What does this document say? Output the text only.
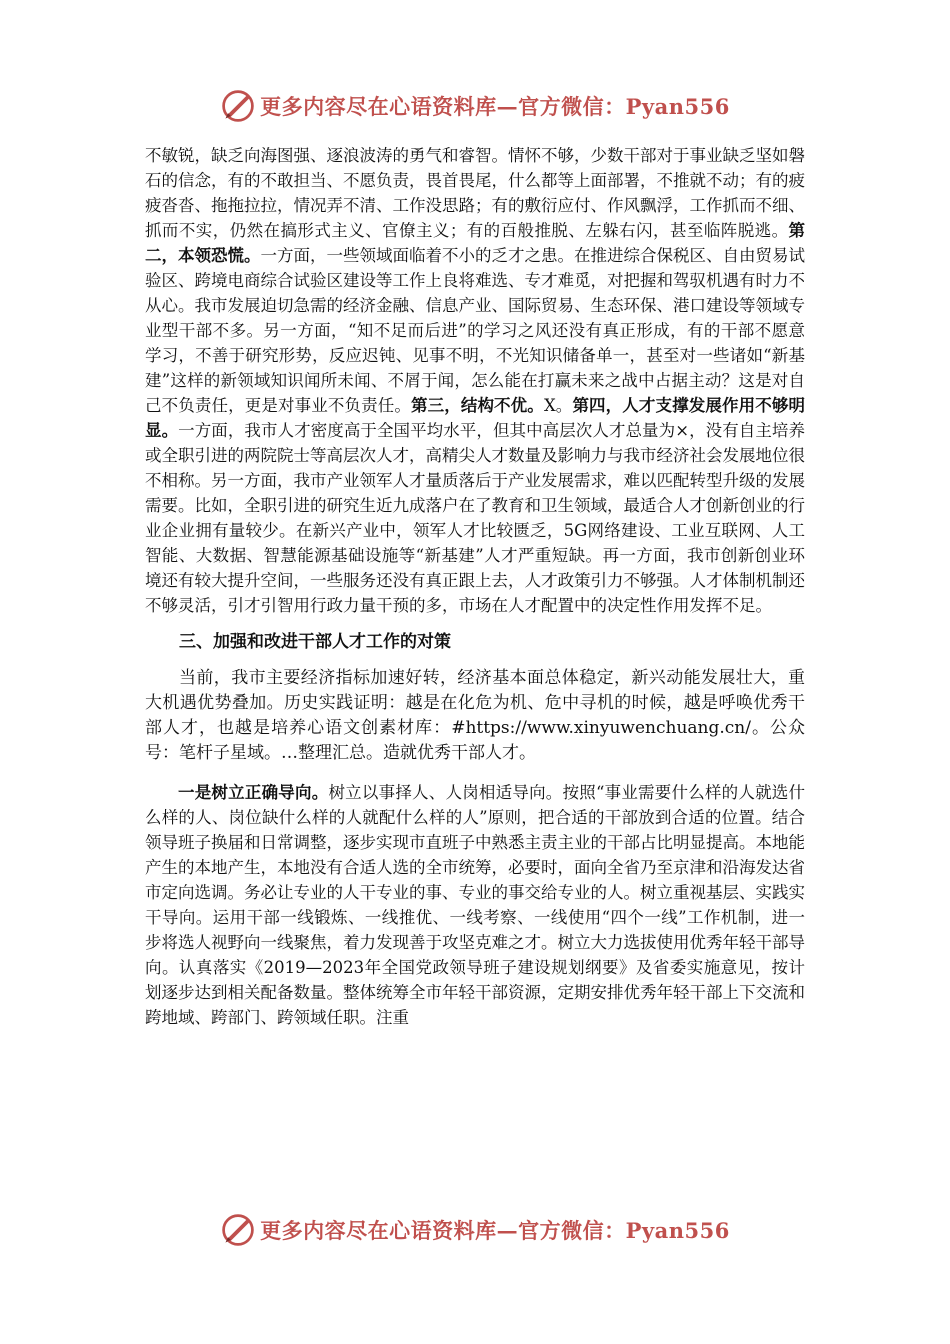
更多内容尽在心语资料库—官方微信：Pyan556

不敏锐，缺乏向海图强、逐浪波涛的勇气和睿智。情怀不够，少数干部对于事业缺乏坚如磐石的信念，有的不敢担当、不愿负责，畏首畏尾，什么都等上面部署，不推就不动；有的疲疲沓沓、拖拖拉拉，情况弄不清、工作没思路；有的敷衍应付、作风飘浮，工作抓而不细、抓而不实，仍然在搞形式主义、官僚主义；有的百般推脱、左躲右闪，甚至临阵脱逃。第二，本领恐慌。一方面，一些领域面临着不小的乏才之患。在推进综合保税区、自由贸易试验区、跨境电商综合试验区建设等工作上良将难选、专才难觅，对把握和驾驭机遇有时力不从心。我市发展迫切急需的经济金融、信息产业、国际贸易、生态环保、港口建设等领域专业型干部不多。另一方面，“知不足而后进”的学习之风还没有真正形成，有的干部不愿意学习，不善于研究形势，反应迟钝、见事不明，不光知识储备单一，甚至对一些诸如“新基建”这样的新领域知识闻所未闻、不屑于闻，怎么能在打赢未来之战中占据主动？这是对自己不负责任，更是对事业不负责任。第三，结构不优。X。第四，人才支撑发展作用不够明显。一方面，我市人才密度高于全国平均水平，但其中高层次人才总量为×，没有自主培养或全职引进的两院院士等高层次人才，高精尖人才数量及影响力与我市经济社会发展地位很不相称。另一方面，我市产业领军人才量质落后于产业发展需求，难以匹配转型升级的发展需要。比如，全职引进的研究生近九成落户在了教育和卫生领域，最适合人才创新创业的行业企业拥有量较少。在新兴产业中，领军人才比较匮乏，5G网络建设、工业互联网、人工智能、大数据、智慧能源基础设施等“新基建”人才严重短缺。再一方面，我市创新创业环境还有较大提升空间，一些服务还没有真正跟上去，人才政策引力不够强。人才体制机制还不够灵活，引才引智用行政力量干预的多，市场在人才配置中的决定性作用发挥不足。

三、加强和改进干部人才工作的对策

当前，我市主要经济指标加速好转，经济基本面总体稳定，新兴动能发展壮大，重大机遇优势叠加。历史实践证明：越是在化危为机、危中寻机的时候，越是呼唤优秀干部人才，也越是培养心语文创素材库：#https://www.xinyuwenchuang.cn/。公众号：笔杆子星域。…整理汇总。造就优秀干部人才。

一是树立正确导向。树立以事择人、人岗相适导向。按照“事业需要什么样的人就选什么样的人、岗位缺什么样的人就配什么样的人”原则，把合适的干部放到合适的位置。结合领导班子换届和日常调整，逐步实现市直班子中熟悉主责主业的干部占比明显提高。本地能产生的本地产生，本地没有合适人选的全市统筹，必要时，面向全省乃至京津和沿海发达省市定向选调。务必让专业的人干专业的事、专业的事交给专业的人。树立重视基层、实践实干导向。运用干部一线锻炼、一线推优、一线考察、一线使用“四个一线”工作机制，进一步将选人视野向一线聚焦，着力发现善于攻坚克难之才。树立大力选拔使用优秀年轻干部导向。认真落实《2019—2023年全国党政领导班子建设规划纲要》及省委实施意见，按计划逐步达到相关配备数量。整体统筹全市年轻干部资源，定期安排优秀年轻干部上下交流和跨地域、跨部门、跨领域任职。注重

更多内容尽在心语资料库—官方微信：Pyan556
